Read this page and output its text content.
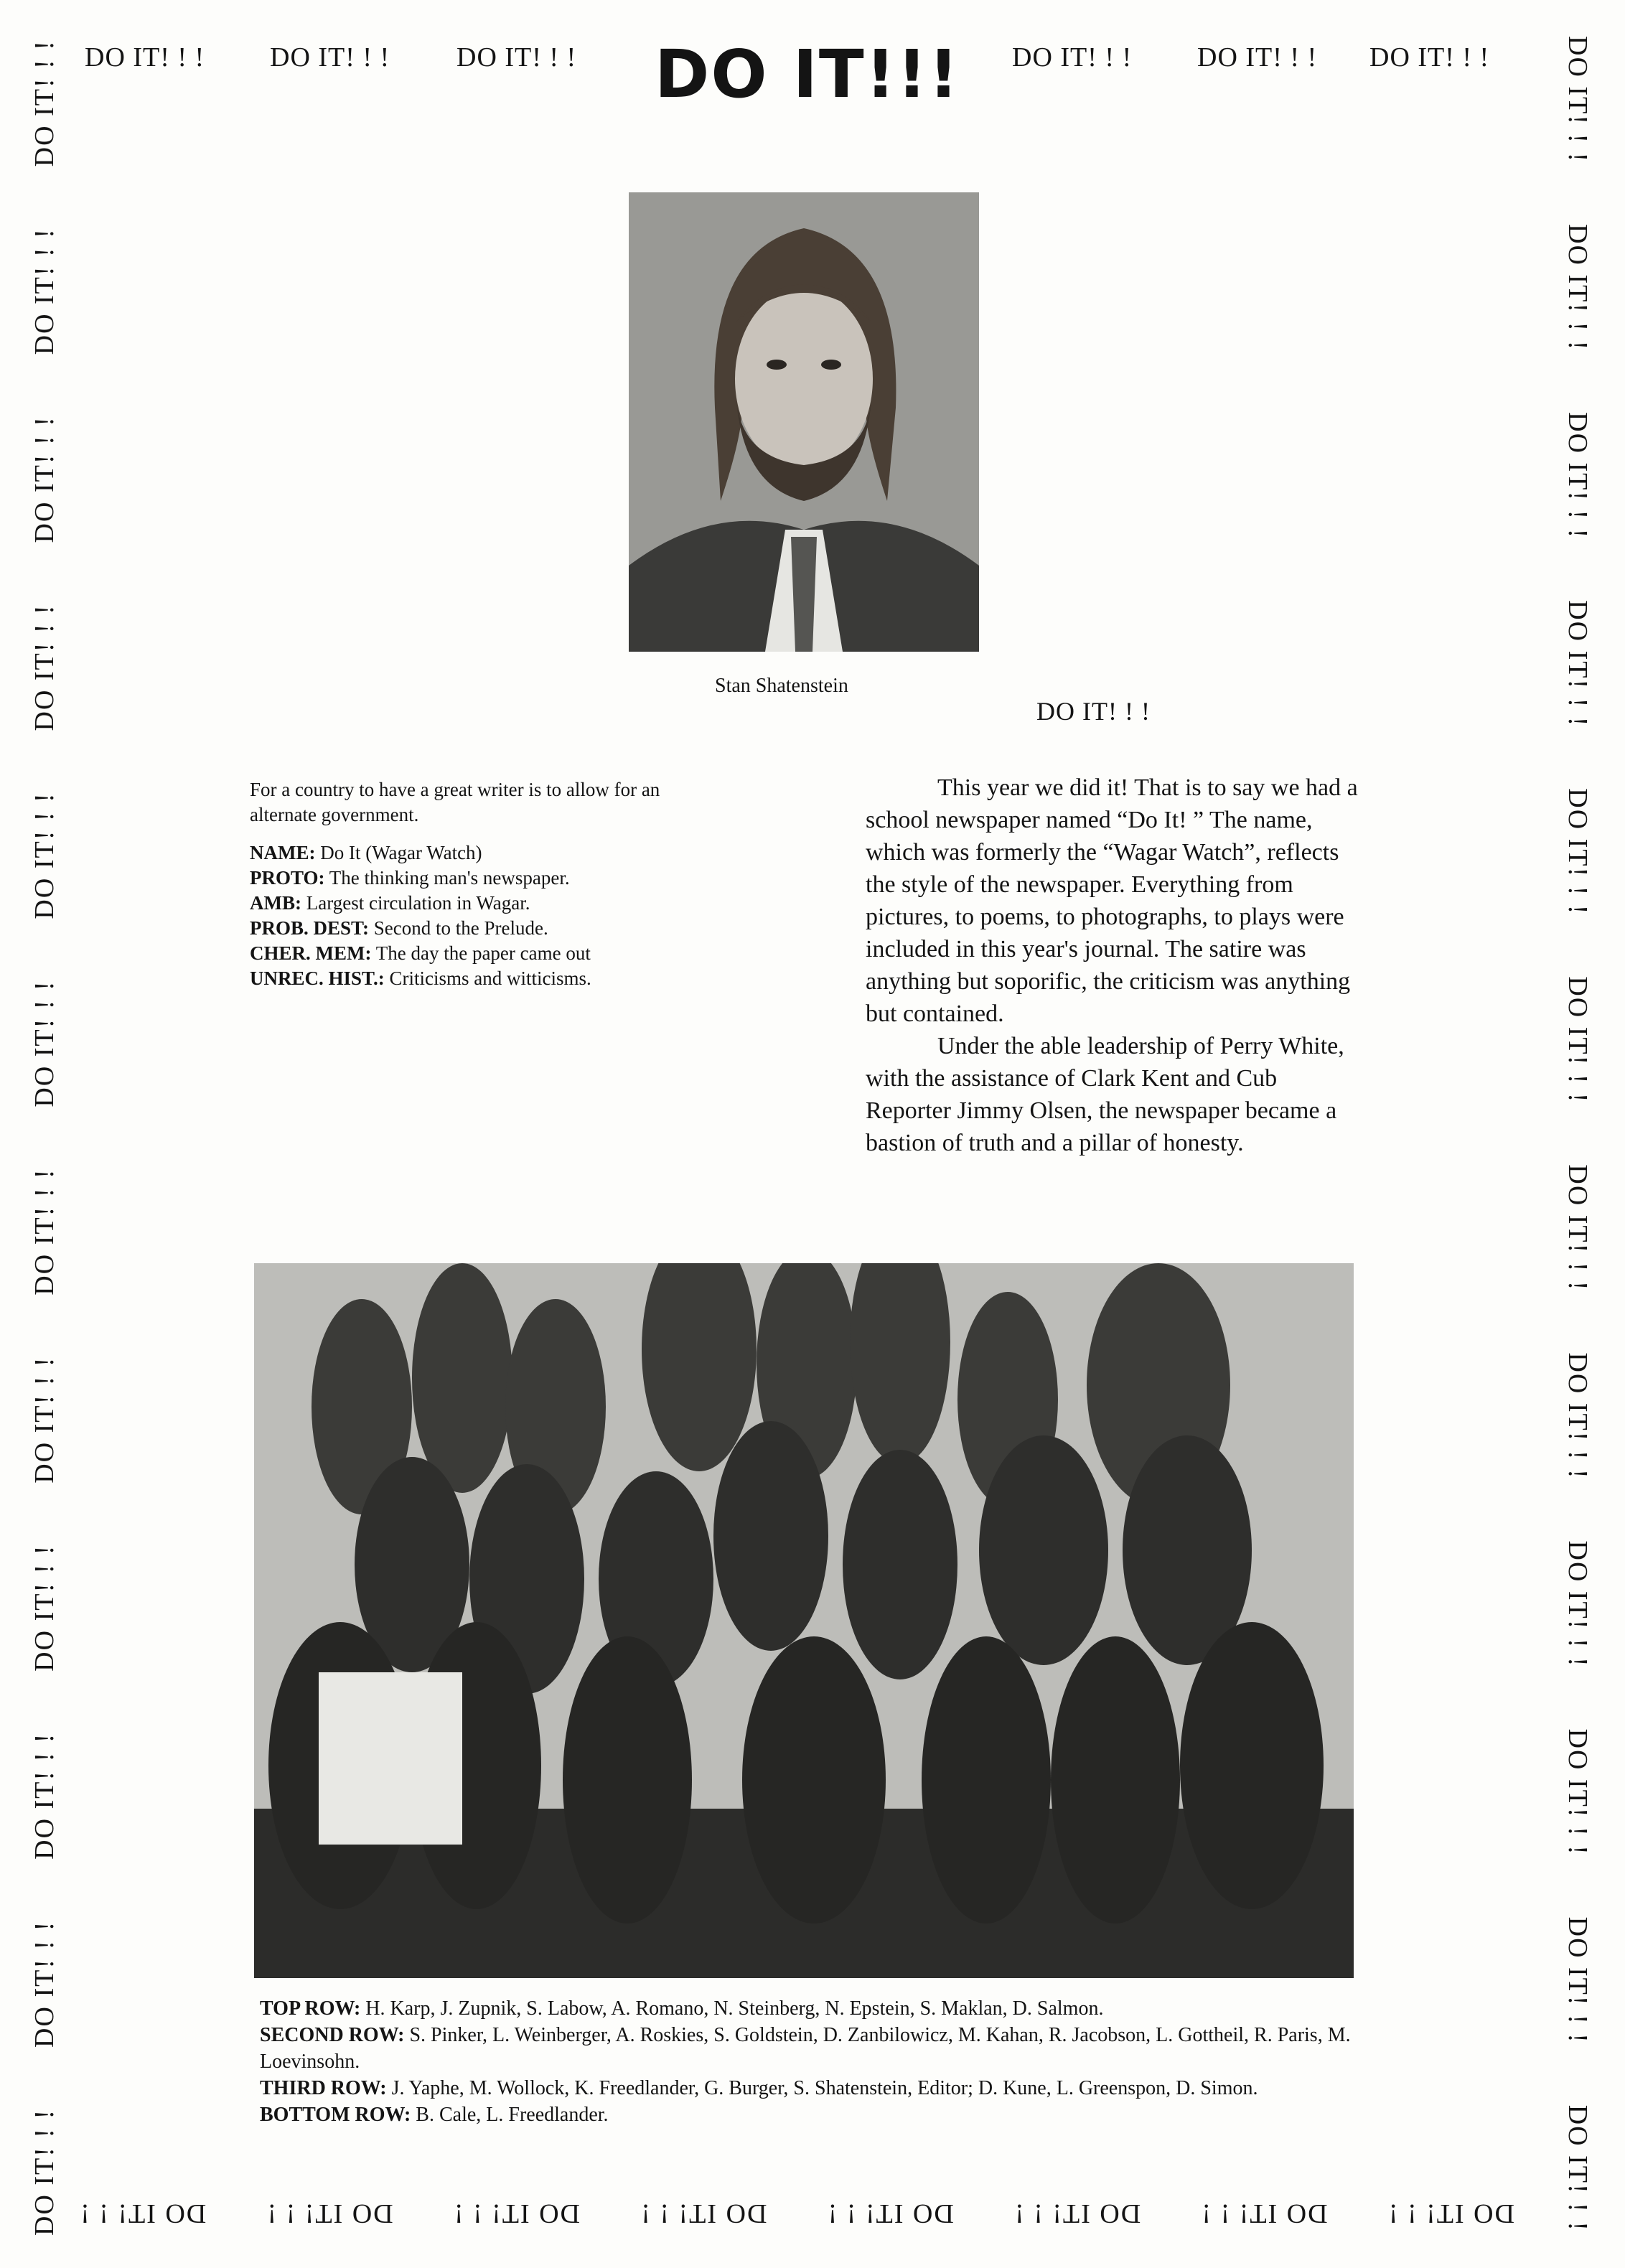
DO IT! ! ! DO IT! ! ! DO IT! ! ! DO IT!!! DO IT! ! ! DO IT! ! ! DO IT! ! !
DO IT! ! !
DO IT! ! !
DO IT! ! !
DO IT! ! !
DO IT! ! !
DO IT! ! !
DO IT! ! !
DO IT! ! !
DO IT! ! !
DO IT! ! !
DO IT! ! !
DO IT! ! !	DO IT! ! !
DO IT! ! !
DO IT! ! !
DO IT! ! !
DO IT! ! !
DO IT! ! !
DO IT! ! !
DO IT! ! !
DO IT! ! !
DO IT! ! !
DO IT! ! !
DO IT! ! !
DO IT! ! !
DO IT! ! !
DO IT! ! !
DO IT! ! !
DO IT! ! !
DO IT! ! !
DO IT! ! !
DO IT! ! !
Stan Shatenstein

For a country to have a great writer is to allow for an alternate government.

NAME: Do It (Wagar Watch)

PROTO: The thinking man's newspaper.

AMB: Largest circulation in Wagar.

PROB. DEST: Second to the Prelude.

CHER. MEM: The day the paper came out

UNREC. HIST.: Criticisms and witticisms.

DO IT! ! !

This year we did it! That is to say we had a school newspaper named “Do It! ” The name, which was formerly the “Wagar Watch”, reflects the style of the newspaper. Everything from pictures, to poems, to photographs, to plays were included in this year's journal. The satire was anything but soporific, the criticism was anything but contained.

Under the able leadership of Perry White, with the assistance of Clark Kent and Cub Reporter Jimmy Olsen, the newspaper became a bastion of truth and a pillar of honesty.

TOP ROW: H. Karp, J. Zupnik, S. Labow, A. Romano, N. Steinberg, N. Epstein, S. Maklan, D. Salmon.

SECOND ROW: S. Pinker, L. Weinberger, A. Roskies, S. Goldstein, D. Zanbilowicz, M. Kahan, R. Jacobson, L. Gottheil, R. Paris, M. Loevinsohn.

THIRD ROW: J. Yaphe, M. Wollock, K. Freedlander, G. Burger, S. Shatenstein, Editor; D. Kune, L. Greenspon, D. Simon.

BOTTOM ROW: B. Cale, L. Freedlander.
